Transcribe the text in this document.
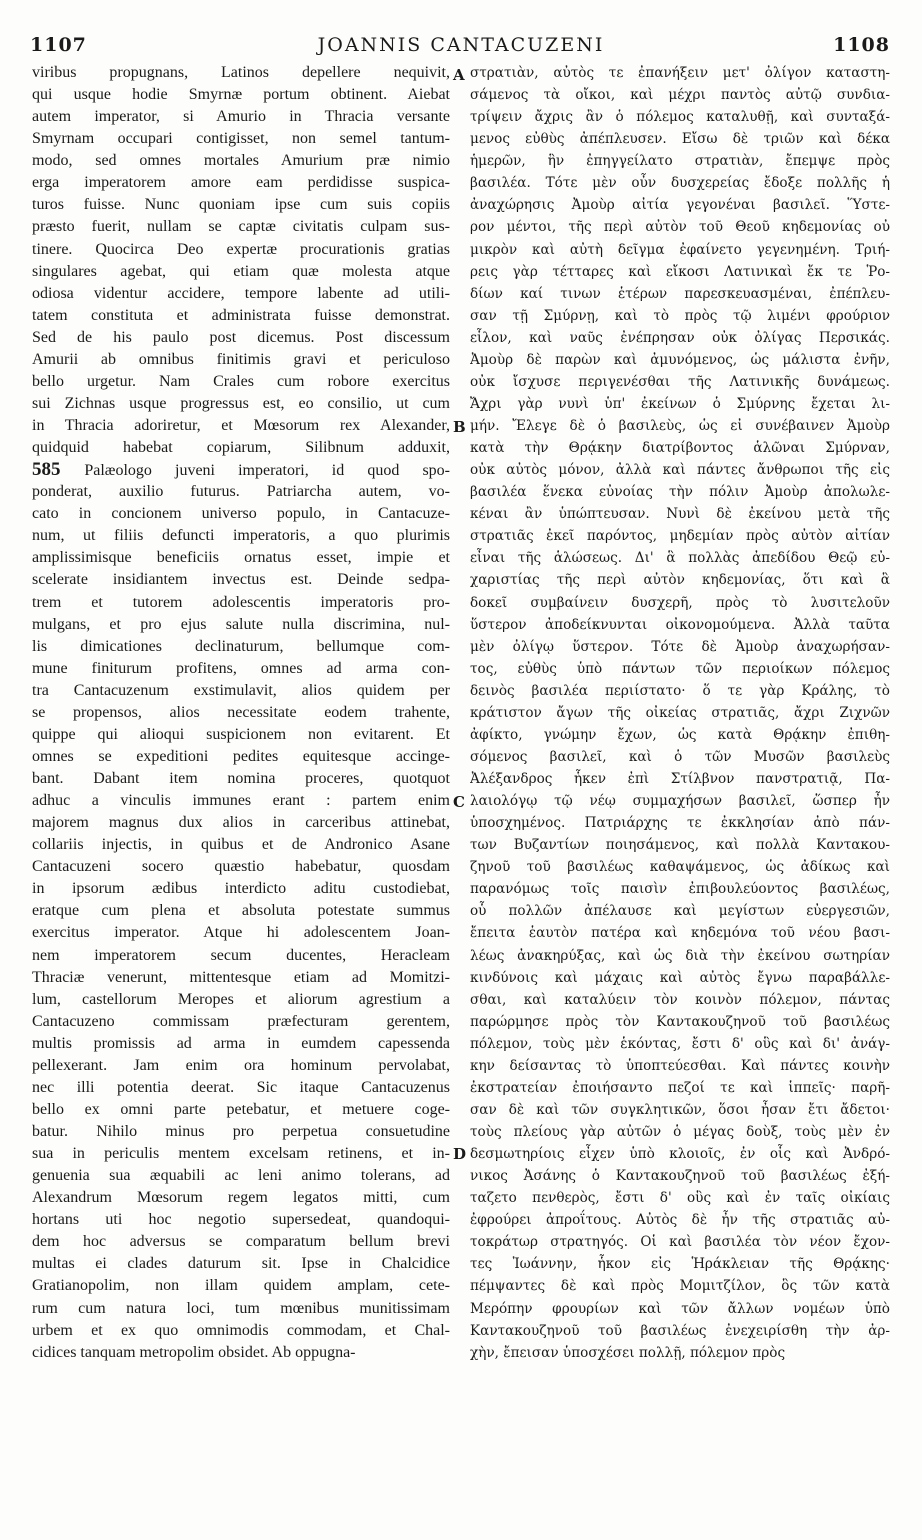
1107	JOANNIS CANTACUZENI	1108
viribus propugnans, Latinos depellere nequivit,
qui usque hodie Smyrnæ portum obtinent. Aiebat
autem imperator, si Amurio in Thracia versante
Smyrnam occupari contigisset, non semel tantum-
modo, sed omnes mortales Amurium præ nimio
erga imperatorem amore eam perdidisse suspica-
turos fuisse. Nunc quoniam ipse cum suis copiis
præsto fuerit, nullam se captæ civitatis culpam sus-
tinere. Quocirca Deo expertæ procurationis gratias
singulares agebat, qui etiam quæ molesta atque
odiosa videntur accidere, tempore labente ad utili-
tatem constituta et administrata fuisse demonstrat.
Sed de his paulo post dicemus. Post discessum
Amurii ab omnibus finitimis gravi et periculoso
bello urgetur. Nam Crales cum robore exercitus
sui Zichnas usque progressus est, eo consilio, ut cum
in Thracia adoriretur, et Mœsorum rex Alexander,
quidquid habebat copiarum, Silibnum adduxit,
585 Palæologo juveni imperatori, id quod spo-
ponderat, auxilio futurus. Patriarcha autem, vo-
cato in concionem universo populo, in Cantacuze-
num, ut filiis defuncti imperatoris, a quo plurimis
amplissimisque beneficiis ornatus esset, impie et
scelerate insidiantem invectus est. Deinde sedpa-
trem et tutorem adolescentis imperatoris pro-
mulgans, et pro ejus salute nulla discrimina, nul-
lis dimicationes declinaturum, bellumque com-
mune finiturum profitens, omnes ad arma con-
tra Cantacuzenum exstimulavit, alios quidem per
se propensos, alios necessitate eodem trahente,
quippe qui alioqui suspicionem non evitarent. Et
omnes se expeditioni pedites equitesque accinge-
bant. Dabant item nomina proceres, quotquot
adhuc a vinculis immunes erant : partem enim
majorem magnus dux alios in carceribus attinebat,
collariis injectis, in quibus et de Andronico Asane
Cantacuzeni socero quæstio habebatur, quosdam
in ipsorum ædibus interdicto aditu custodiebat,
eratque cum plena et absoluta potestate summus
exercitus imperator. Atque hi adolescentem Joan-
nem imperatorem secum ducentes, Heracleam
Thraciæ venerunt, mittentesque etiam ad Momitzi-
lum, castellorum Meropes et aliorum agrestium a
Cantacuzeno commissam præfecturam gerentem,
multis promissis ad arma in eumdem capessenda
pellexerant. Jam enim ora hominum pervolabat,
nec illi potentia deerat. Sic itaque Cantacuzenus
bello ex omni parte petebatur, et metuere coge-
batur. Nihilo minus pro perpetua consuetudine
sua in periculis mentem excelsam retinens, et in-
genuenia sua æquabili ac leni animo tolerans, ad
Alexandrum Mœsorum regem legatos mitti, cum
hortans uti hoc negotio supersedeat, quandoqui-
dem hoc adversus se comparatum bellum brevi
multas ei clades daturum sit. Ipse in Chalcidice
Gratianopolim, non illam quidem amplam, cete-
rum cum natura loci, tum mœnibus munitissimam
urbem et ex quo omnimodis commodam, et Chal-
cidices tanquam metropolim obsidet. Ab oppugna-
στρατιὰν, αὐτὸς τε ἐπανήξειν μετ' ὀλίγον καταστη-
σάμενος τὰ οἴκοι, καὶ μέχρι παντὸς αὐτῷ συνδια-
τρίψειν ἄχρις ἂν ὁ πόλεμος καταλυθῇ, καὶ συνταξά-
μενος εὐθὺς ἀπέπλευσεν. Εἴσω δὲ τριῶν καὶ δέκα
ἡμερῶν, ἣν ἐπηγγείλατο στρατιὰν, ἔπεμψε πρὸς
βασιλέα. Τότε μὲν οὖν δυσχερείας ἔδοξε πολλῆς ἡ
ἀναχώρησις Ἀμοὺρ αἰτία γεγονέναι βασιλεῖ. Ὕστε-
ρον μέντοι, τῆς περὶ αὐτὸν τοῦ Θεοῦ κηδεμονίας οὐ
μικρὸν καὶ αὐτὴ δεῖγμα ἐφαίνετο γεγενημένη. Τριή-
ρεις γὰρ τέτταρες καὶ εἴκοσι Λατινικαὶ ἔκ τε Ῥο-
δίων καί τινων ἑτέρων παρεσκευασμέναι, ἐπέπλευ-
σαν τῇ Σμύρνῃ, καὶ τὸ πρὸς τῷ λιμένι φρούριον
εἷλον, καὶ ναῦς ἐνέπρησαν οὐκ ὀλίγας Περσικάς.
Ἀμοὺρ δὲ παρὼν καὶ ἀμυνόμενος, ὡς μάλιστα ἐνῆν,
οὐκ ἴσχυσε περιγενέσθαι τῆς Λατινικῆς δυνάμεως.
Ἄχρι γὰρ νυνὶ ὑπ' ἐκείνων ὁ Σμύρνης ἔχεται λι-
μήν. Ἔλεγε δὲ ὁ βασιλεὺς, ὡς εἰ συνέβαινεν Ἀμοὺρ
κατὰ τὴν Θρᾴκην διατρίβοντος ἁλῶναι Σμύρναν,
οὐκ αὐτὸς μόνον, ἀλλὰ καὶ πάντες ἄνθρωποι τῆς εἰς
βασιλέα ἕνεκα εὐνοίας τὴν πόλιν Ἀμοὺρ ἀπολωλε-
κέναι ἂν ὑπώπτευσαν. Νυνὶ δὲ ἐκείνου μετὰ τῆς
στρατιᾶς ἐκεῖ παρόντος, μηδεμίαν πρὸς αὐτὸν αἰτίαν
εἶναι τῆς ἁλώσεως. Δι' ἃ πολλὰς ἀπεδίδου Θεῷ εὐ-
χαριστίας τῆς περὶ αὐτὸν κηδεμονίας, ὅτι καὶ ἃ
δοκεῖ συμβαίνειν δυσχερῆ, πρὸς τὸ λυσιτελοῦν
ὕστερον ἀποδείκνυνται οἰκονομούμενα. Ἀλλὰ ταῦτα
μὲν ὀλίγῳ ὕστερον. Τότε δὲ Ἀμοὺρ ἀναχωρήσαν-
τος, εὐθὺς ὑπὸ πάντων τῶν περιοίκων πόλεμος
δεινὸς βασιλέα περιίστατο· ὅ τε γὰρ Κράλης, τὸ
κράτιστον ἄγων τῆς οἰκείας στρατιᾶς, ἄχρι Ζιχνῶν
ἀφίκτο, γνώμην ἔχων, ὡς κατὰ Θρᾴκην ἐπιθη-
σόμενος βασιλεῖ, καὶ ὁ τῶν Μυσῶν βασιλεὺς
Ἀλέξανδρος ἧκεν ἐπὶ Στίλβνον πανστρατιᾷ, Πα-
λαιολόγῳ τῷ νέῳ συμμαχήσων βασιλεῖ, ὥσπερ ἦν
ὑποσχημένος. Πατριάρχης τε ἐκκλησίαν ἀπὸ πάν-
των Βυζαντίων ποιησάμενος, καὶ πολλὰ Καντακου-
ζηνοῦ τοῦ βασιλέως καθαψάμενος, ὡς ἀδίκως καὶ
παρανόμως τοῖς παισὶν ἐπιβουλεύοντος βασιλέως,
οὗ πολλῶν ἀπέλαυσε καὶ μεγίστων εὐεργεσιῶν,
ἔπειτα ἑαυτὸν πατέρα καὶ κηδεμόνα τοῦ νέου βασι-
λέως ἀνακηρύξας, καὶ ὡς διὰ τὴν ἐκείνου σωτηρίαν
κινδύνοις καὶ μάχαις καὶ αὐτὸς ἔγνω παραβάλλε-
σθαι, καὶ καταλύειν τὸν κοινὸν πόλεμον, πάντας
παρώρμησε πρὸς τὸν Καντακουζηνοῦ τοῦ βασιλέως
πόλεμον, τοὺς μὲν ἑκόντας, ἔστι δ' οὓς καὶ δι' ἀνάγ-
κην δείσαντας τὸ ὑποπτεύεσθαι. Καὶ πάντες κοινὴν
ἐκστρατείαν ἐποιήσαντο πεζοί τε καὶ ἱππεῖς· παρῆ-
σαν δὲ καὶ τῶν συγκλητικῶν, ὅσοι ἦσαν ἔτι ἄδετοι·
τοὺς πλείους γὰρ αὐτῶν ὁ μέγας δοὺξ, τοὺς μὲν ἐν
δεσμωτηρίοις εἶχεν ὑπὸ κλοιοῖς, ἐν οἷς καὶ Ἀνδρό-
νικος Ἀσάνης ὁ Καντακουζηνοῦ τοῦ βασιλέως ἐξή-
ταζετο πενθερὸς, ἔστι δ' οὓς καὶ ἐν ταῖς οἰκίαις
ἐφρούρει ἀπροΐτους. Αὐτὸς δὲ ἦν τῆς στρατιᾶς αὐ-
τοκράτωρ στρατηγός. Οἱ καὶ βασιλέα τὸν νέον ἔχον-
τες Ἰωάννην, ἧκον εἰς Ἡράκλειαν τῆς Θρᾴκης·
πέμψαντες δὲ καὶ πρὸς Μομιτζίλον, ὃς τῶν κατὰ
Μερόπην φρουρίων καὶ τῶν ἄλλων νομέων ὑπὸ
Καντακουζηνοῦ τοῦ βασιλέως ἐνεχειρίσθη τὴν ἀρ-
χὴν, ἔπεισαν ὑποσχέσει πολλῇ, πόλεμον πρὸς
A
B
C
D
